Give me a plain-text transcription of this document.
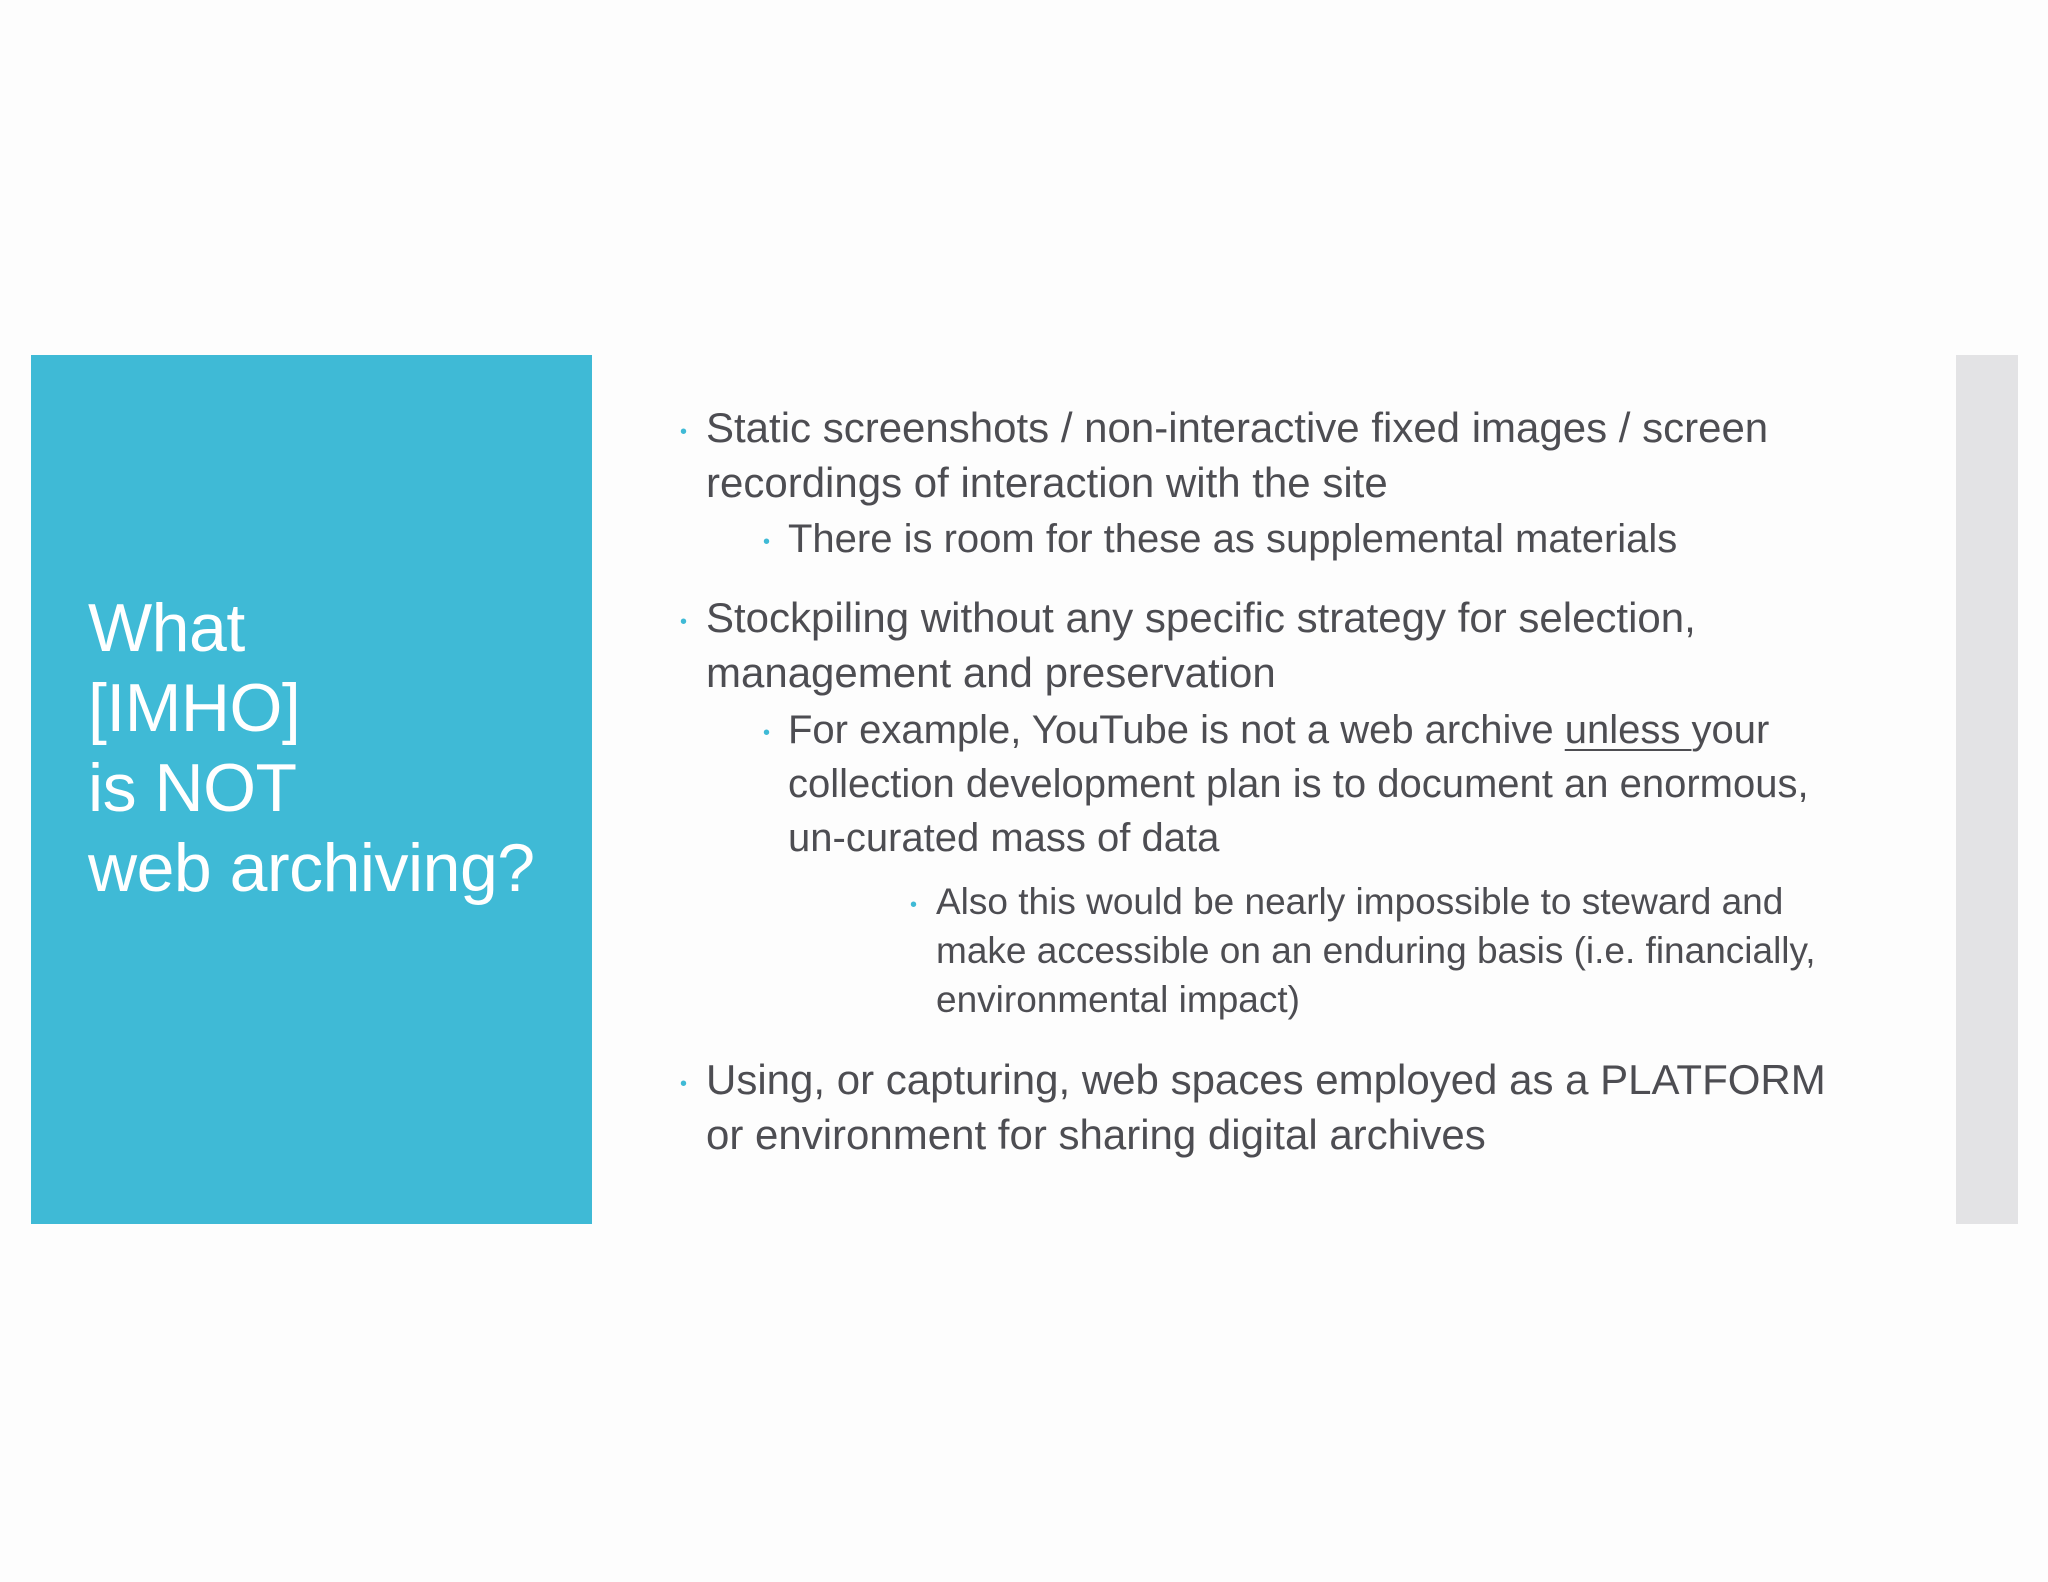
What
[IMHO]
is NOT
web archiving?
• Static screenshots / non-interactive fixed images / screen recordings of interaction with the site
• There is room for these as supplemental materials
• Stockpiling without any specific strategy for selection, management and preservation
• For example, YouTube is not a web archive unless your collection development plan is to document an enormous, un-curated mass of data
• Also this would be nearly impossible to steward and make accessible on an enduring basis (i.e. financially, environmental impact)
• Using, or capturing, web spaces employed as a PLATFORM or environment for sharing digital archives
